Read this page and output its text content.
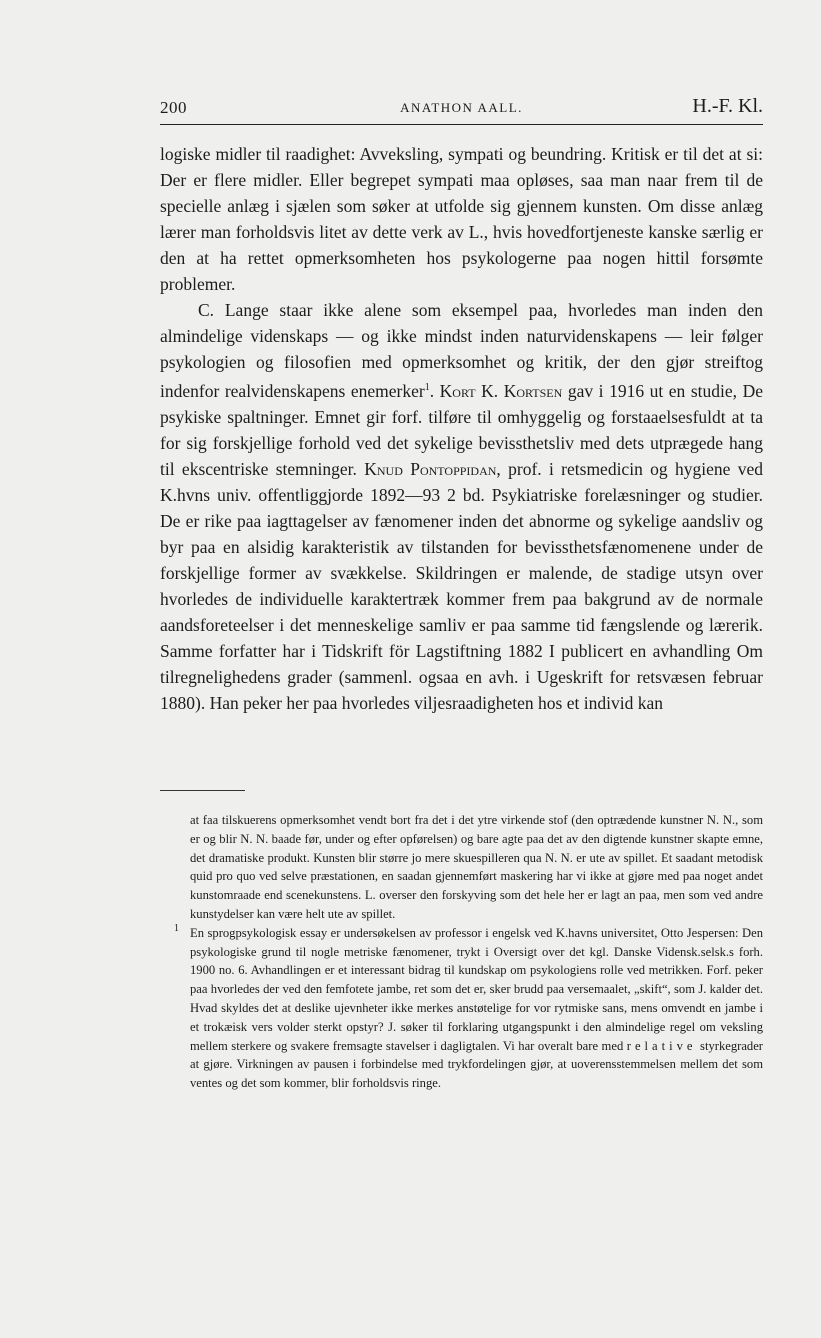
200	ANATHON AALL.	H.-F. Kl.

logiske midler til raadighet: Avveksling, sympati og beundring. Kritisk er til det at si: Der er flere midler. Eller begrepet sympati maa opløses, saa man naar frem til de specielle anlæg i sjælen som søker at utfolde sig gjennem kunsten. Om disse anlæg lærer man forholdsvis litet av dette verk av L., hvis hovedfortjeneste kanske særlig er den at ha rettet opmerksomheten hos psykologerne paa nogen hittil forsømte problemer.

C. Lange staar ikke alene som eksempel paa, hvorledes man inden den almindelige videnskaps — og ikke mindst inden naturvidenskapens — leir følger psykologien og filosofien med opmerksomhet og kritik, der den gjør streiftog indenfor realvidenskapens enemerker$^1$. Kort K. Kortsen gav i 1916 ut en studie, De psykiske spaltninger. Emnet gir forf. tilføre til omhyggelig og forstaaelsesfuldt at ta for sig forskjellige forhold ved det sykelige bevissthetsliv med dets utprægede hang til ekscentriske stemninger. Knud Pontoppidan, prof. i retsmedicin og hygiene ved K.hvns univ. offentliggjorde 1892—93 2 bd. Psykiatriske forelæsninger og studier. De er rike paa iagttagelser av fænomener inden det abnorme og sykelige aandsliv og byr paa en alsidig karakteristik av tilstanden for bevissthetsfænomenene under de forskjellige former av svækkelse. Skildringen er malende, de stadige utsyn over hvorledes de individuelle karaktertræk kommer frem paa bakgrund av de normale aandsforeteelser i det menneskelige samliv er paa samme tid fængslende og lærerik. Samme forfatter har i Tidskrift för Lagstiftning 1882 I publicert en avhandling Om tilregnelighedens grader (sammenl. ogsaa en avh. i Ugeskrift for retsvæsen februar 1880). Han peker her paa hvorledes viljesraadigheten hos et individ kan

at faa tilskuerens opmerksomhet vendt bort fra det i det ytre virkende stof (den optrædende kunstner N. N., som er og blir N. N. baade før, under og efter opførelsen) og bare agte paa det av den digtende kunstner skapte emne, det dramatiske produkt. Kunsten blir større jo mere skuespilleren qua N. N. er ute av spillet. Et saadant metodisk quid pro quo ved selve præstationen, en saadan gjennemført maskering har vi ikke at gjøre med paa noget andet kunstomraade end scenekunstens. L. overser den forskyving som det hele her er lagt an paa, men som ved andre kunstydelser kan være helt ute av spillet.

1 En sprogpsykologisk essay er undersøkelsen av professor i engelsk ved K.havns universitet, Otto Jespersen: Den psykologiske grund til nogle metriske fænomener, trykt i Oversigt over det kgl. Danske Vidensk.selsk.s forh. 1900 no. 6. Avhandlingen er et interessant bidrag til kundskap om psykologiens rolle ved metrikken. Forf. peker paa hvorledes der ved den femfotete jambe, ret som det er, sker brudd paa versemaalet, „skift“, som J. kalder det. Hvad skyldes det at deslike ujevnheter ikke merkes anstøtelige for vor rytmiske sans, mens omvendt en jambe i et trokæisk vers volder sterkt opstyr? J. søker til forklaring utgangspunkt i den almindelige regel om veksling mellem sterkere og svakere fremsagte stavelser i dagligtalen. Vi har overalt bare med relative styrkegrader at gjøre. Virkningen av pausen i forbindelse med trykfordelingen gjør, at uoverensstemmelsen mellem det som ventes og det som kommer, blir forholdsvis ringe.
